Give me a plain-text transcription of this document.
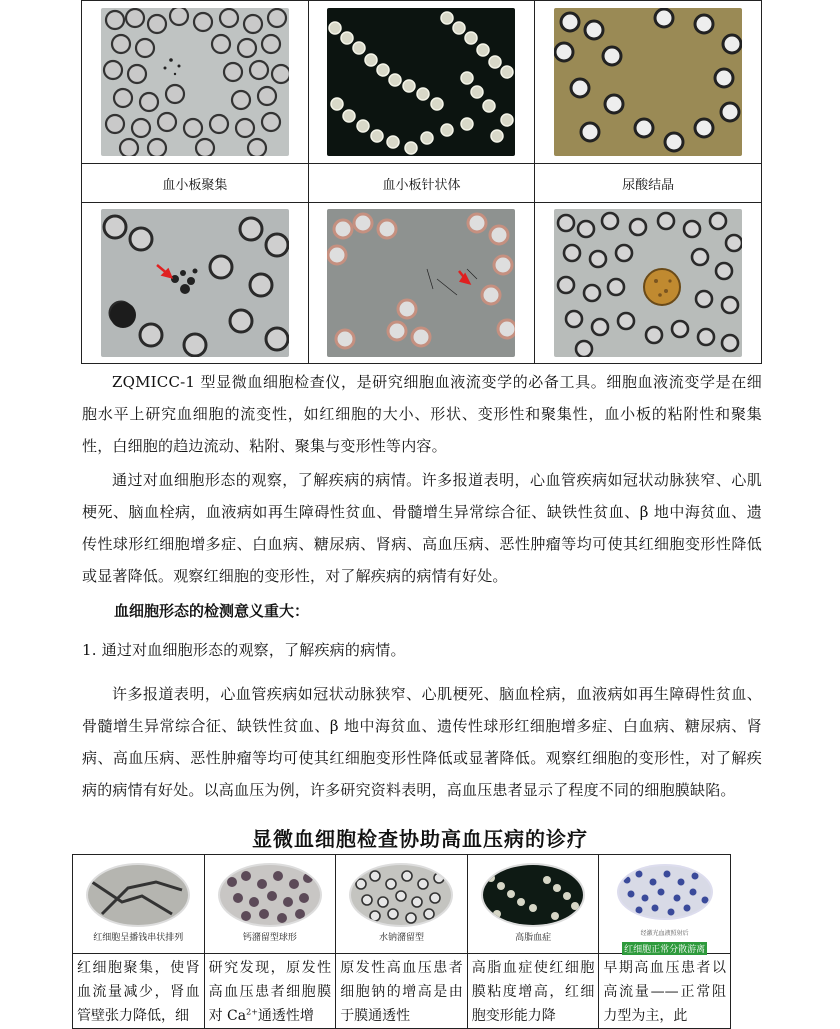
血小板聚集	血小板针状体	尿酸结晶

ZQMICC-1 型显微血细胞检查仪，是研究细胞血液流变学的必备工具。细胞血液流变学是在细胞水平上研究血细胞的流变性，如红细胞的大小、形状、变形性和聚集性，血小板的粘附性和聚集性，白细胞的趋边流动、粘附、聚集与变形性等内容。

通过对血细胞形态的观察，了解疾病的病情。许多报道表明，心血管疾病如冠状动脉狭窄、心肌梗死、脑血栓病，血液病如再生障碍性贫血、骨髓增生异常综合征、缺铁性贫血、β 地中海贫血、遗传性球形红细胞增多症、白血病、糖尿病、肾病、高血压病、恶性肿瘤等均可使其红细胞变形性降低或显著降低。观察红细胞的变形性，对了解疾病的病情有好处。

血细胞形态的检测意义重大：

1. 通过对血细胞形态的观察，了解疾病的病情。

许多报道表明，心血管疾病如冠状动脉狭窄、心肌梗死、脑血栓病，血液病如再生障碍性贫血、骨髓增生异常综合征、缺铁性贫血、β 地中海贫血、遗传性球形红细胞增多症、白血病、糖尿病、肾病、高血压病、恶性肿瘤等均可使其红细胞变形性降低或显著降低。观察红细胞的变形性，对了解疾病的病情有好处。以高血压为例，许多研究资料表明，高血压患者显示了程度不同的细胞膜缺陷。

显微血细胞检查协助高血压病的诊疗
红细胞呈播钱串状排列	钙潴留型球形	水钠潴留型	高脂血症	经激光血液照射后
红细胞正常分散游离

红细胞聚集，使肾血流量减少，肾血管壁张力降低，细	研究发现，原发性高血压患者细胞膜对 $Ca^{2+}$通透性增	原发性高血压患者细胞钠的增高是由于膜通透性	高脂血症使红细胞膜粘度增高，红细胞变形能力降	早期高血压患者以高流量——正常阻力型为主，此
